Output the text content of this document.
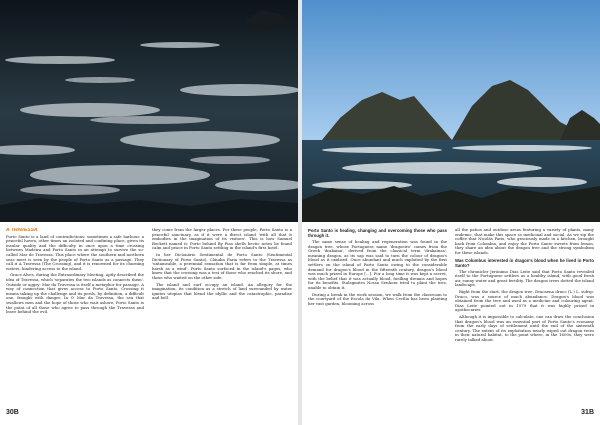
A TRAVESSA

Porto Santo is a land of contradictions: sometimes a safe harbour, a peaceful haven, other times an isolated and confining place, given its insular quality and the difficulty in once upon a time crossing between Madeira and Porto Santo in an attempt to survive the so-called Mar de Travessa. This place where the southern and northern seas meet is seen by the people of Porto Santo as a passage. They call it A Travessa (The Crossing), and it is renowned for its churning waters, hindering access to the island.

Grace Alves, during the Extraordinary Meeting, aptly described the idea of Travessa, which 'separates the two islands as connects them'. Outside or aggry: Mar da Travessa is itself a metaphor for passage. A way of connection that gives access to Porto Santo. Crossing it means taking up the challenge and its perils, by definition, a difficult one, fraught with danger. In O Mar da Travessa, the sea that swallows men and the hope of those who wait ashore, Porto Santo is the point of all those who agree to pass through the Travessa and leave behind the evil.

they come from the larger places. For these people, Porto Santo is a peaceful sanctuary, as if it were a direct island 'with all that it embodies in the imagination of its visitors'. This is how Samuel Beckett named it: Porto behind By Pisa shells hectic notes lie found calm and peace in Porto Santo settling in the island's first hotel.

In her Dicionário Sentimental de Porto Santo (Sentimental Dictionary of Porto Santo), Cláudia Faria refers to the Travessa as 'untameable, a perennial sensation that is far from simple, at times harsh as a wind'. Porto Santo surfaced in the island's pages, who knew that the crossing was a test of those who reached its shore, and those who waited on the other side.

The island and surf occupy an island. An allegory for the imagination, its condition as a stretch of land surrounded by water ignites utopias that blend the idyllic and the catastrophic, paradise and hell.

30B

Porto Santo is healing, changing and overcoming those who pass through it.

The same sense of healing and regeneration was found in the dragon tree, whose Portuguese name 'dragoeiro' comes from the Greek 'drakaina', derived from the classical term 'drakainas', meaning dragon, as its sap was said to turn the colour of dragon's blood as it oxidised. Once abundant and much exploited by the first settlers on the island of Porto Santo owing to the considerable demand for dragon's blood in the fifteenth century, dragon's blood was much prized in Europe [...]. For a long time it was kept a secret, with the belief that it was actually blood, fuelling dreams and hopes for its benefits. Stalagmites Nossa Senhora tried to plant the tree, unable to obtain it.

During a break in the work session, we walk from the classroom to the courtyard of the Escola da Vila. When Cecília has been planting her vast garden, blooming across

all the patios and outdoor areas featuring a variety of plants, many endemic, that make this space so medicinal and social. As we sip the coffee that Nicolás Paris, who graciously made in a kitchen, brought back from Colombia, and enjoy the Porto Santo sweets from lemon, they share an idea about the dragon tree and the strong symbolism for these islands.

Was Columbus interested in dragon's blood when he lived in Porto Santo?

The chronicler Jerónimo Dias Leite said that Porto Santo revealed itself to the Portuguese settlers as a healthy island, with good fresh air, sunny water and great fertility. The dragon trees dotted the island landscape.

Right from the start, the dragon tree, Dracaena draco (L.) L. subsp. Draco, was a source of much abundance. Dragon's blood was obtained from the tree and used as a medicine and colouring agent. Dias Leite pointed out in 1579 that it was highly prized in apothecaries.

Although it is impossible to calculate, one can draw the conclusion that dragon's blood was an essential part of Porto Santo's economy from the early days of settlement until the end of the sixteenth century. The extent of its exploitation nearly wiped out dragon trees in their natural habitat, to the point where, in the 1600s, they were rarely talked about.

31B
